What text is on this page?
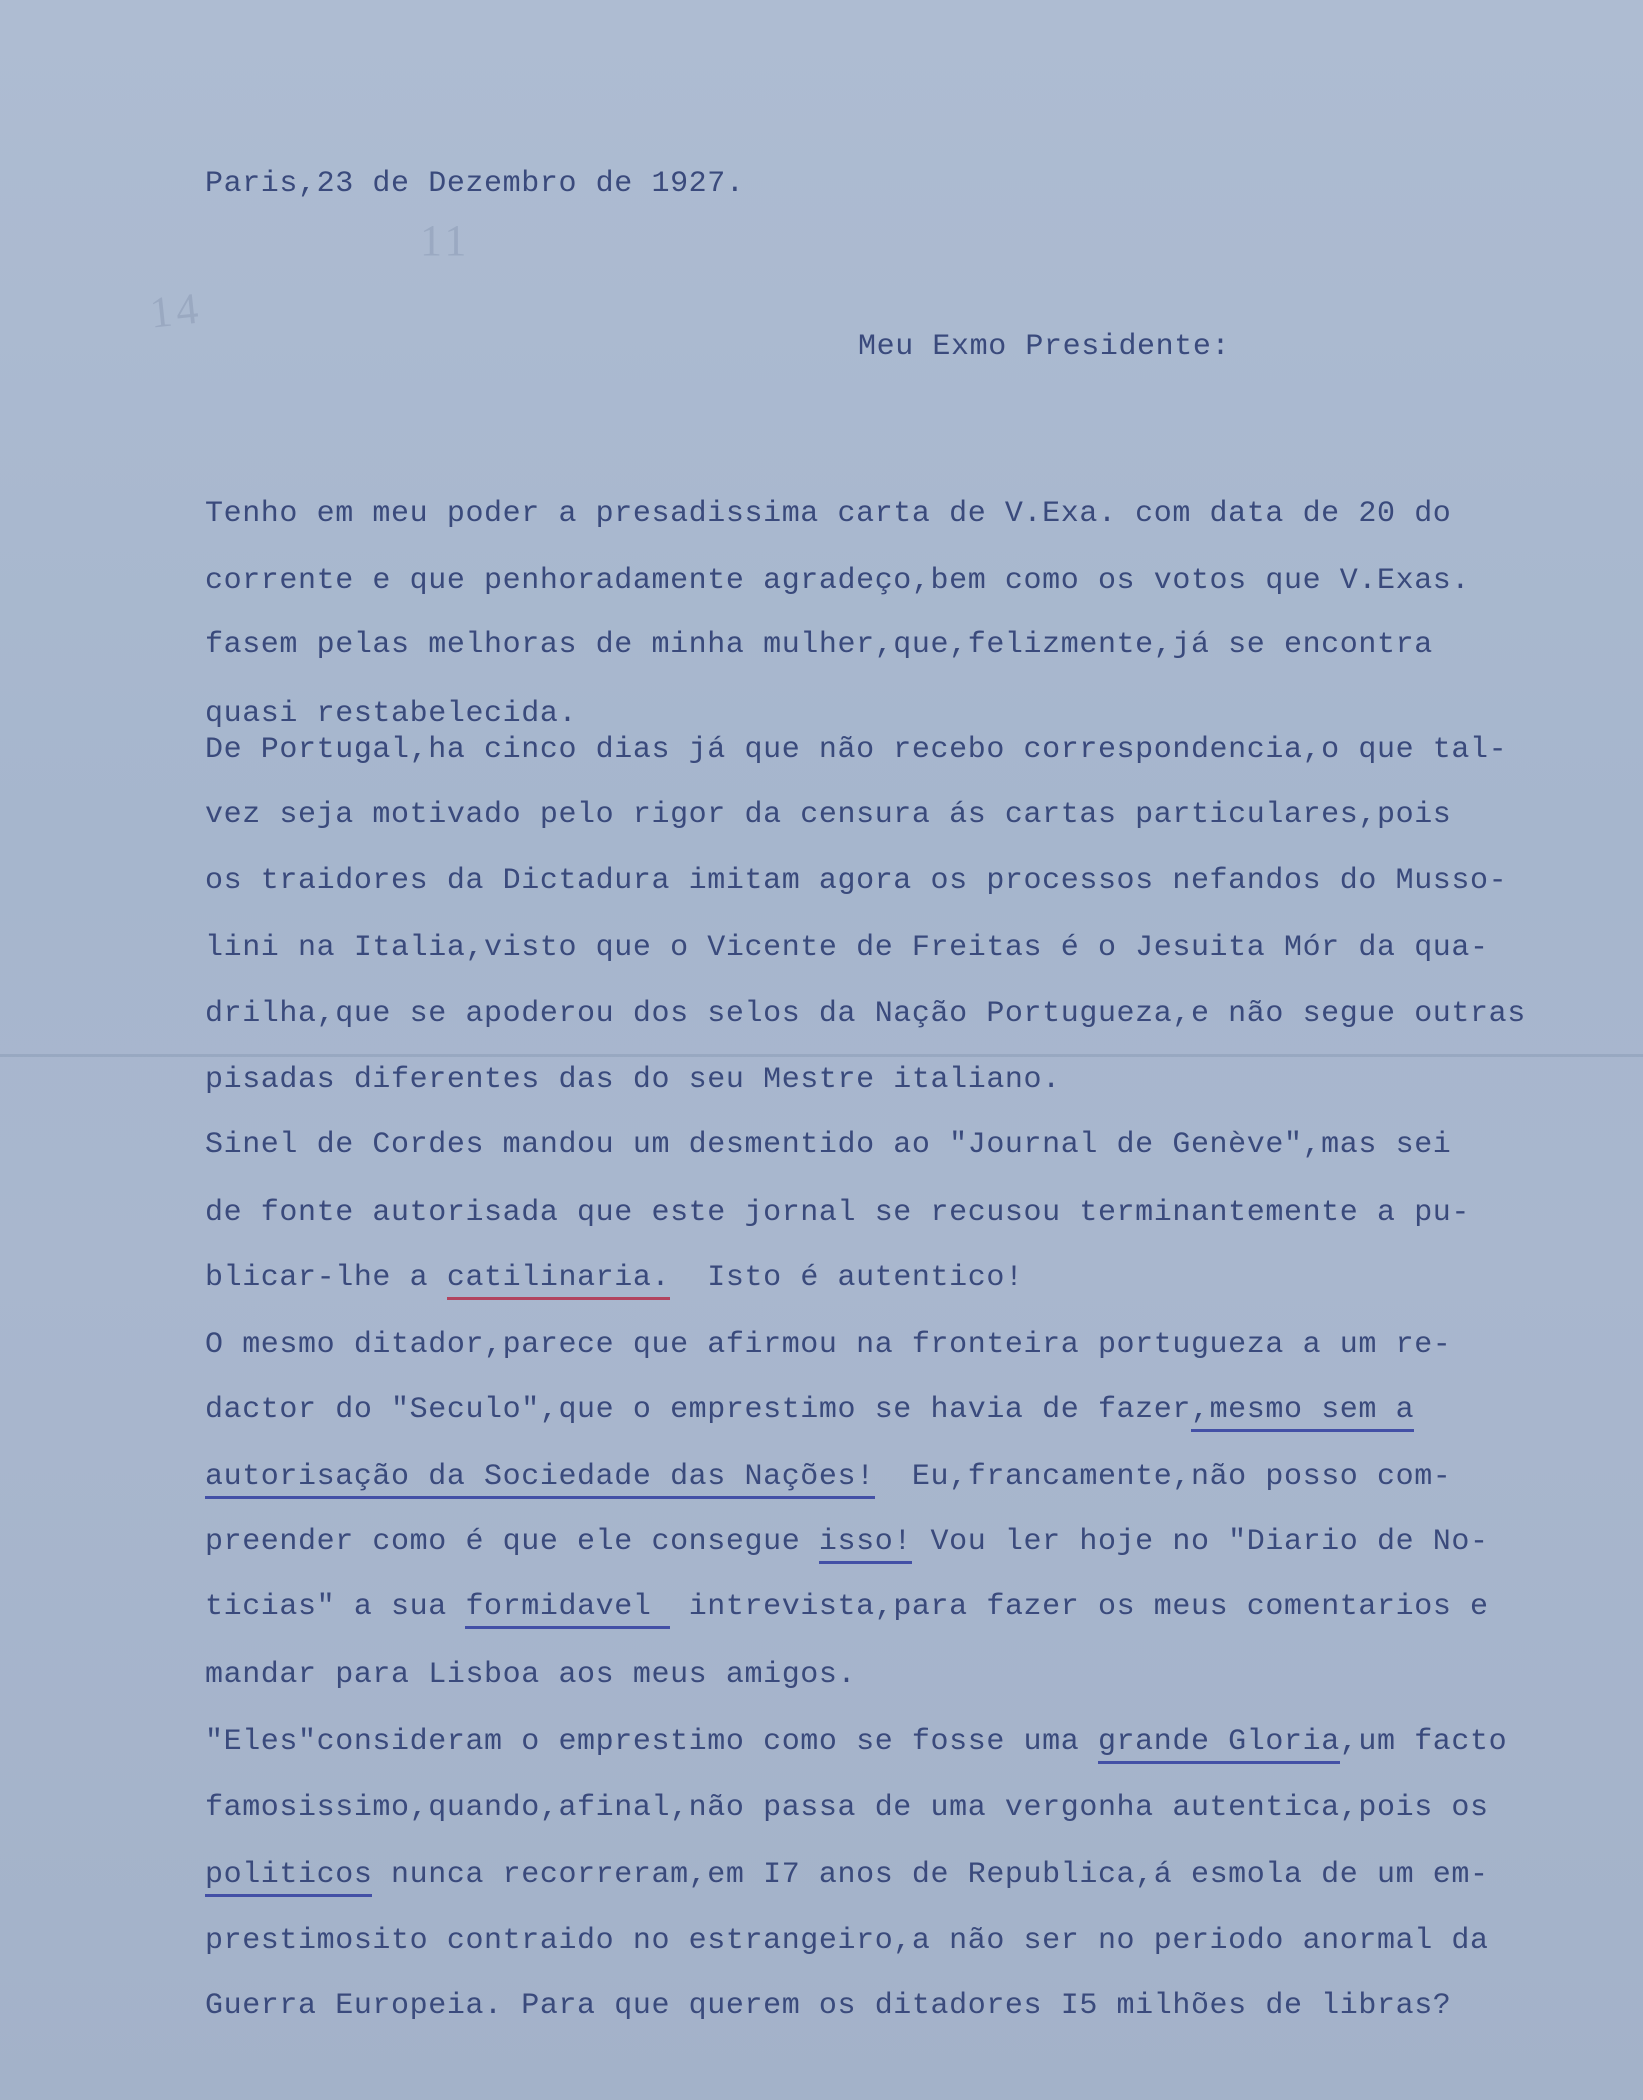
11

14

Paris,23 de Dezembro de 1927.

Meu Exmo Presidente:

Tenho em meu poder a presadissima carta de V.Exa. com data de 20 do
corrente e que penhoradamente agradeço,bem como os votos que V.Exas.
fasem pelas melhoras de minha mulher,que,felizmente,já se encontra
quasi restabelecida.
De Portugal,ha cinco dias já que não recebo correspondencia,o que tal-
vez seja motivado pelo rigor da censura ás cartas particulares,pois
os traidores da Dictadura imitam agora os processos nefandos do Musso-
lini na Italia,visto que o Vicente de Freitas é o Jesuita Mór da qua-
drilha,que se apoderou dos selos da Nação Portugueza,e não segue outras
pisadas diferentes das do seu Mestre italiano.
Sinel de Cordes mandou um desmentido ao "Journal de Genève",mas sei
de fonte autorisada que este jornal se recusou terminantemente a pu-
blicar-lhe a catilinaria.  Isto é autentico!
O mesmo ditador,parece que afirmou na fronteira portugueza a um re-
dactor do "Seculo",que o emprestimo se havia de fazer,mesmo sem a
autorisação da Sociedade das Nações!  Eu,francamente,não posso com-
preender como é que ele consegue isso! Vou ler hoje no "Diario de No-
ticias" a sua formidavel  intrevista,para fazer os meus comentarios e
mandar para Lisboa aos meus amigos.
"Eles"consideram o emprestimo como se fosse uma grande Gloria,um facto
famosissimo,quando,afinal,não passa de uma vergonha autentica,pois os
politicos nunca recorreram,em I7 anos de Republica,á esmola de um em-
prestimosito contraido no estrangeiro,a não ser no periodo anormal da
Guerra Europeia. Para que querem os ditadores I5 milhões de libras?
